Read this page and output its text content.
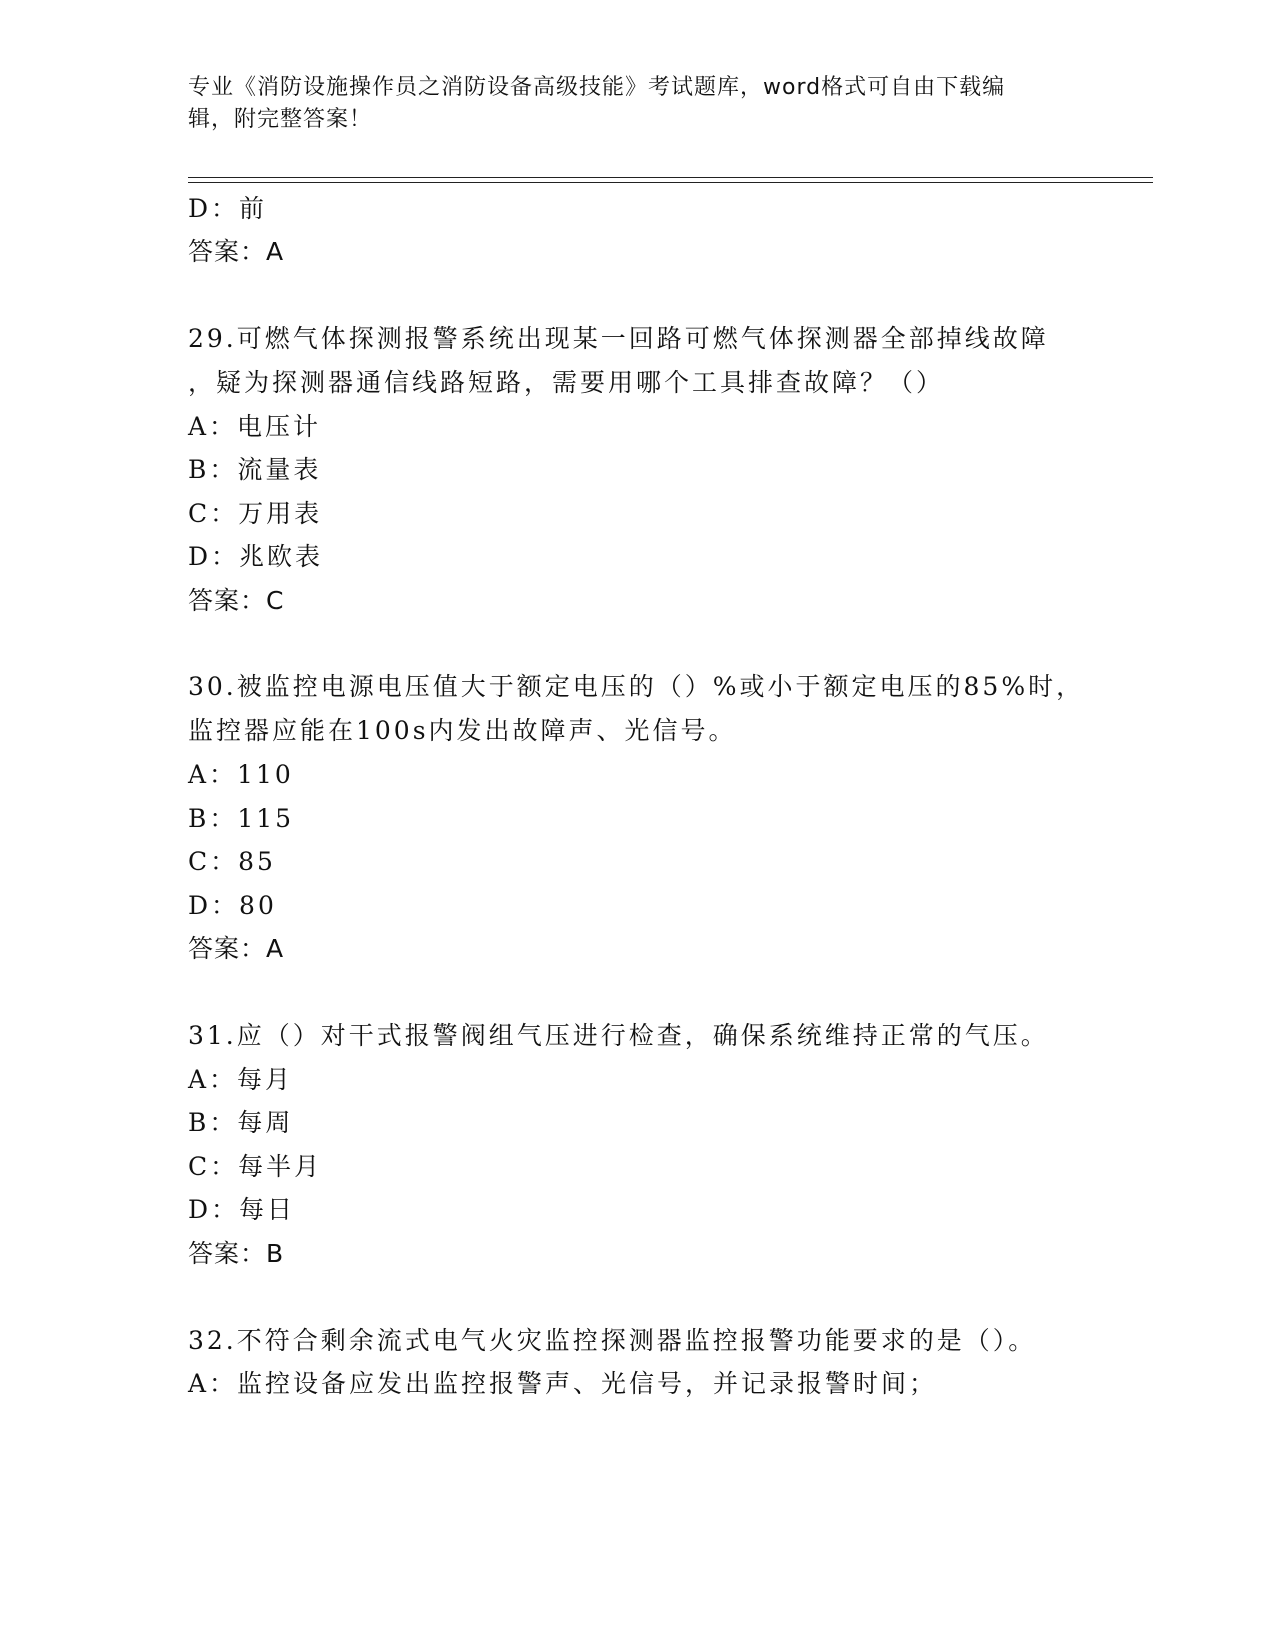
专业《消防设施操作员之消防设备高级技能》考试题库，word格式可自由下载编
辑，附完整答案！
D：前
答案：A
29.可燃气体探测报警系统出现某一回路可燃气体探测器全部掉线故障
，疑为探测器通信线路短路，需要用哪个工具排查故障？（）
A：电压计
B：流量表
C：万用表
D：兆欧表
答案：C
30.被监控电源电压值大于额定电压的（）%或小于额定电压的85%时，
监控器应能在100s内发出故障声、光信号。
A：110
B：115
C：85
D：80
答案：A
31.应（）对干式报警阀组气压进行检查，确保系统维持正常的气压。
A：每月
B：每周
C：每半月
D：每日
答案：B
32.不符合剩余流式电气火灾监控探测器监控报警功能要求的是（）。
A：监控设备应发出监控报警声、光信号，并记录报警时间；
